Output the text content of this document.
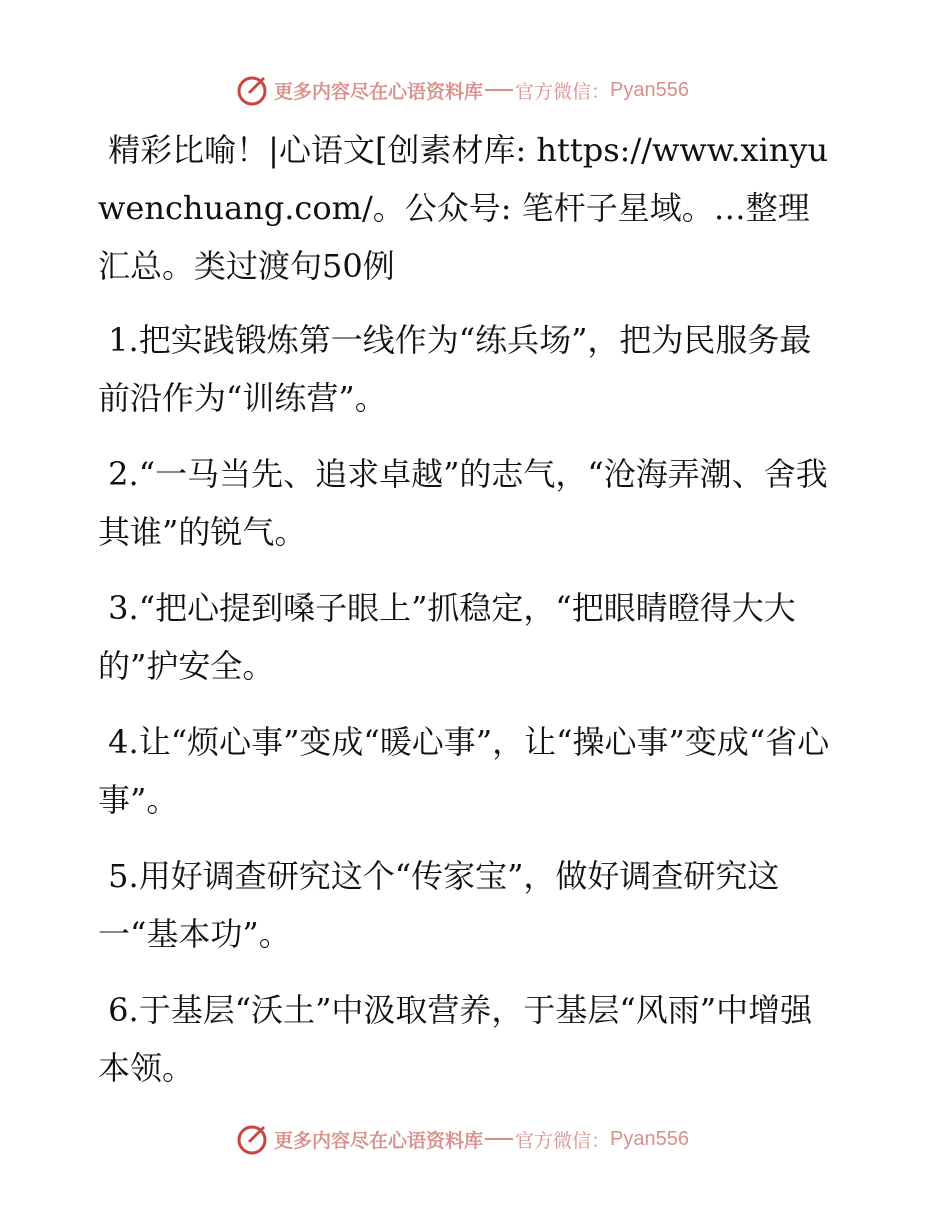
更多内容尽在心语资料库 官方微信： Pyan556

精彩比喻！|心语文[创素材库: https://www.xinyuwenchuang.com/。公众号: 笔杆子星域。…整理汇总。类过渡句50例

1.把实践锻炼第一线作为“练兵场”，把为民服务最前沿作为“训练营”。

2.“一马当先、追求卓越”的志气，“沧海弄潮、舍我其谁”的锐气。

3.“把心提到嗓子眼上”抓稳定，“把眼睛瞪得大大的”护安全。

4.让“烦心事”变成“暖心事”，让“操心事”变成“省心事”。

5.用好调查研究这个“传家宝”，做好调查研究这一“基本功”。

6.于基层“沃土”中汲取营养，于基层“风雨”中增强本领。

更多内容尽在心语资料库 官方微信： Pyan556
